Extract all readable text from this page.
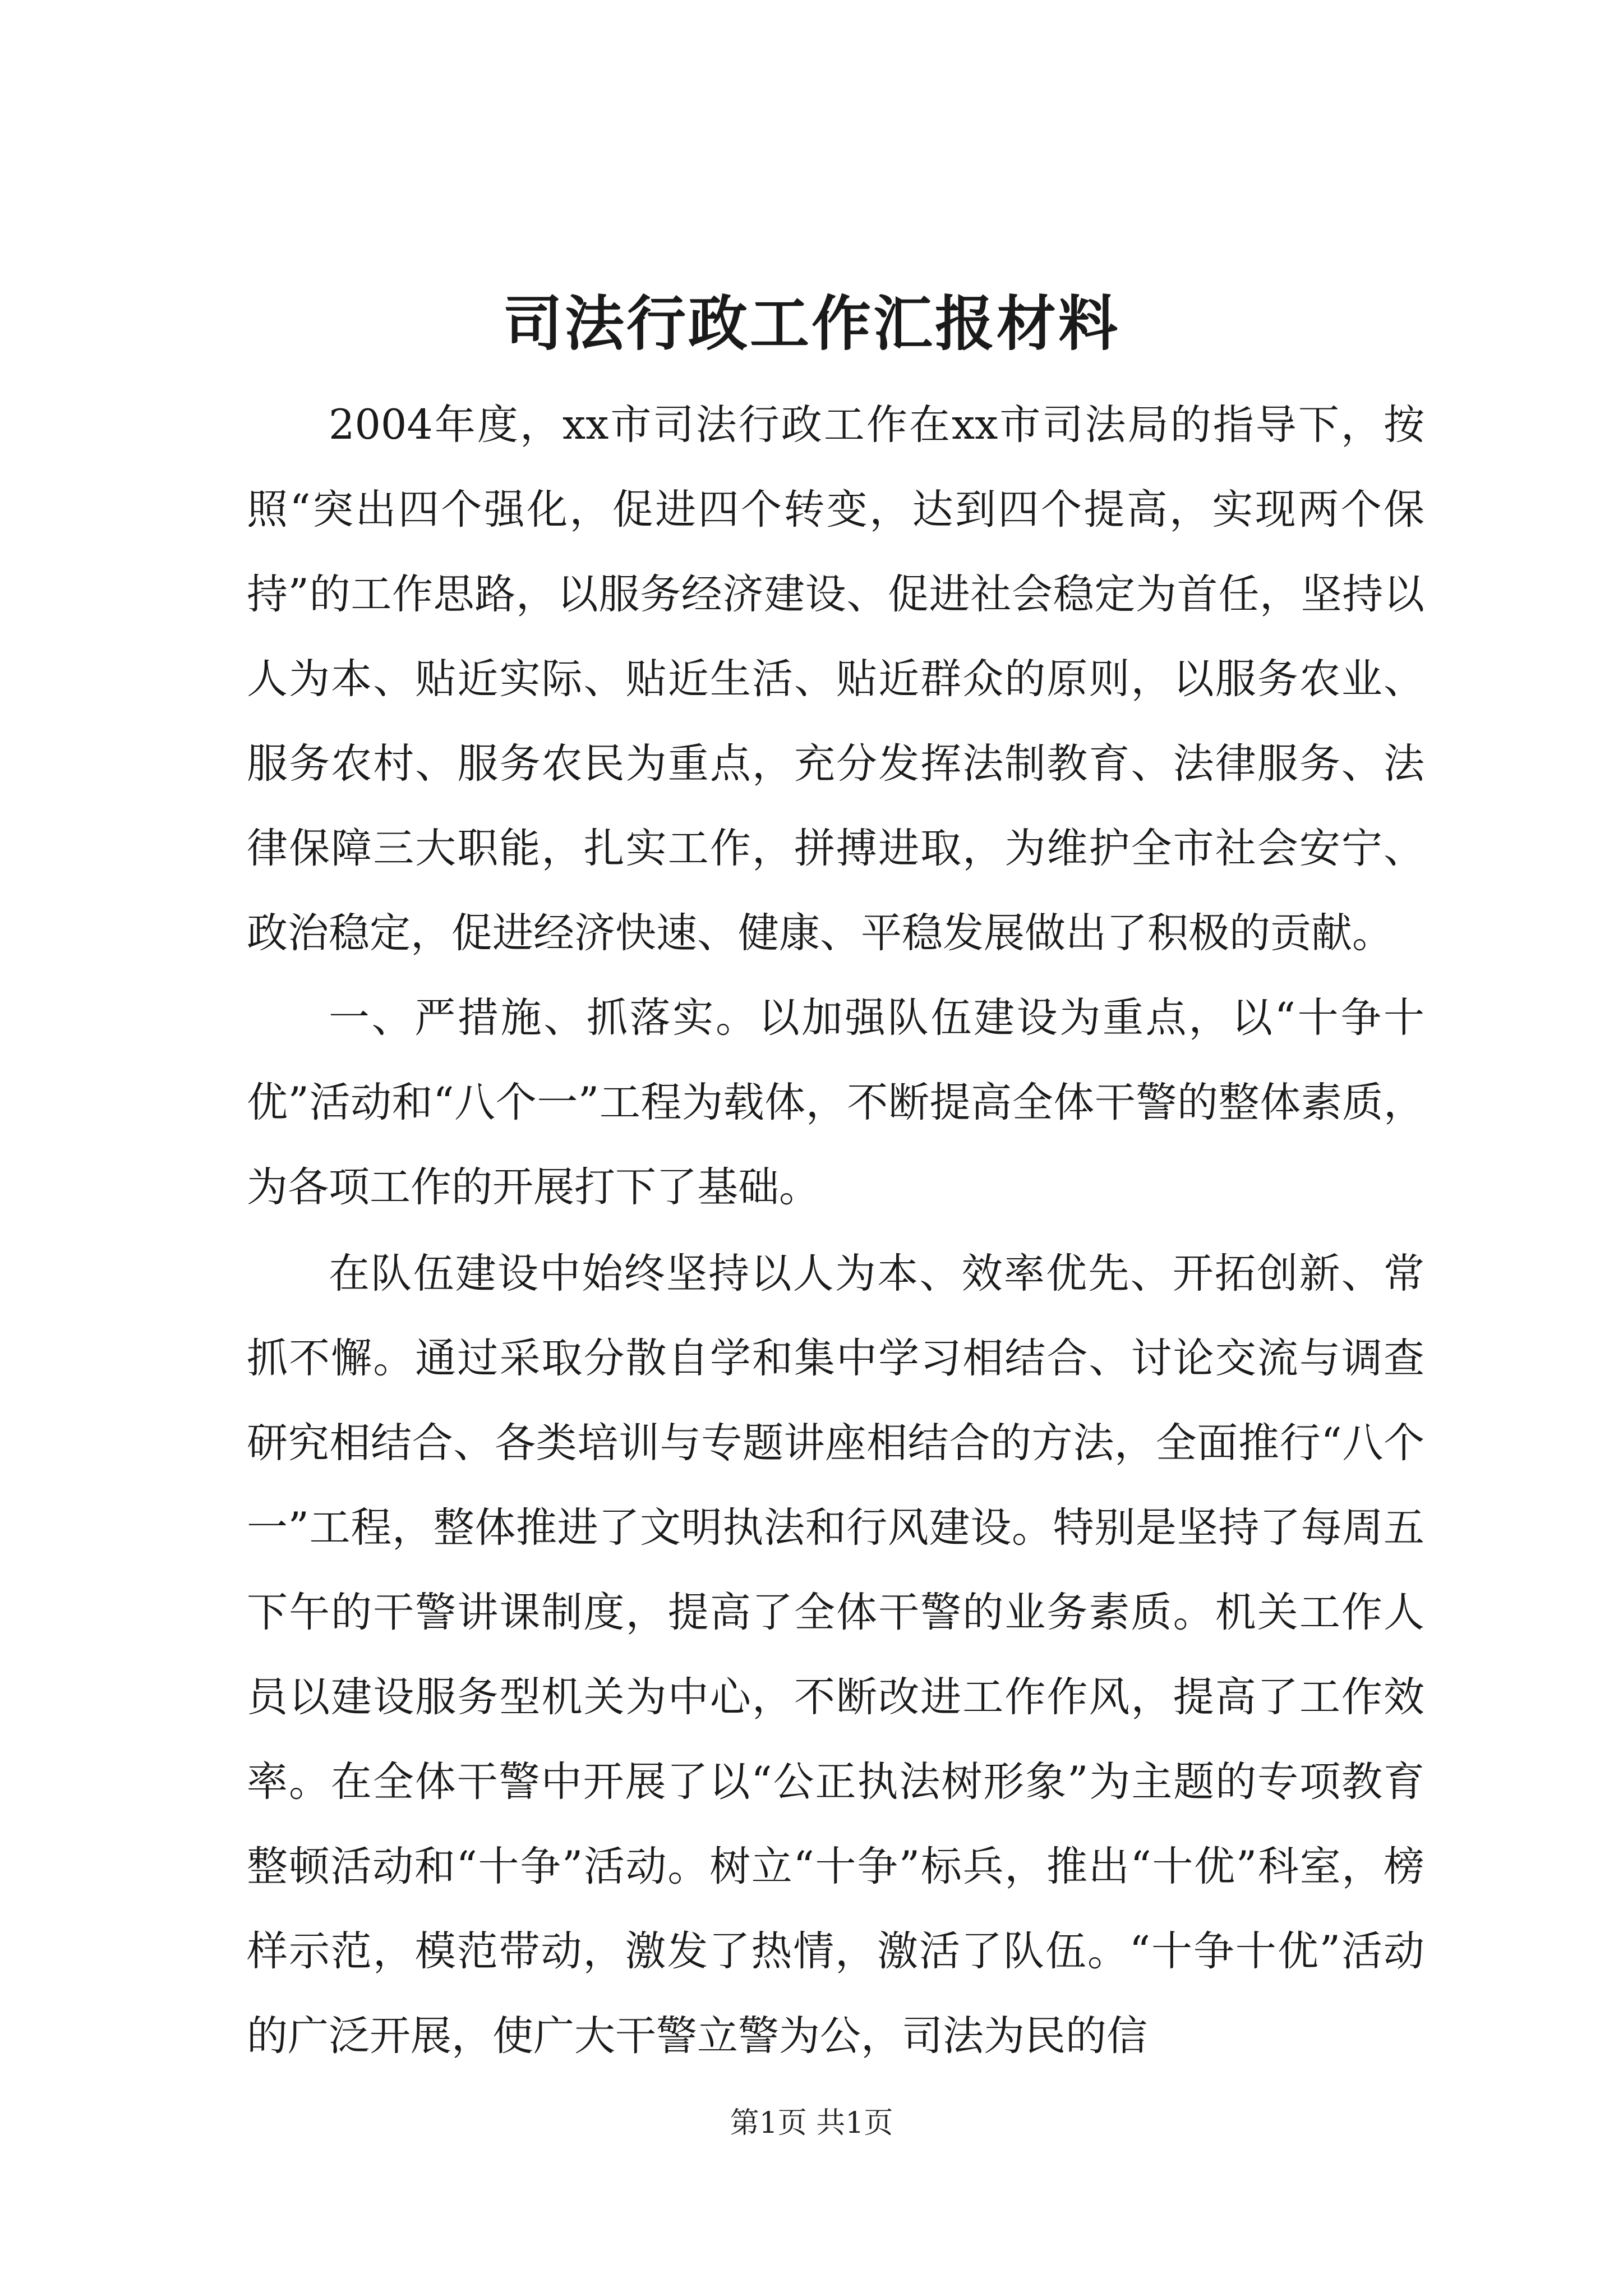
司法行政工作汇报材料

2004年度，xx市司法行政工作在xx市司法局的指导下，按照“突出四个强化，促进四个转变，达到四个提高，实现两个保持”的工作思路，以服务经济建设、促进社会稳定为首任，坚持以人为本、贴近实际、贴近生活、贴近群众的原则，以服务农业、服务农村、服务农民为重点，充分发挥法制教育、法律服务、法律保障三大职能，扎实工作，拼搏进取，为维护全市社会安宁、政治稳定，促进经济快速、健康、平稳发展做出了积极的贡献。

一、严措施、抓落实。以加强队伍建设为重点，以“十争十优”活动和“八个一”工程为载体，不断提高全体干警的整体素质，为各项工作的开展打下了基础。

在队伍建设中始终坚持以人为本、效率优先、开拓创新、常抓不懈。通过采取分散自学和集中学习相结合、讨论交流与调查研究相结合、各类培训与专题讲座相结合的方法，全面推行“八个一”工程，整体推进了文明执法和行风建设。特别是坚持了每周五下午的干警讲课制度，提高了全体干警的业务素质。机关工作人员以建设服务型机关为中心，不断改进工作作风，提高了工作效率。在全体干警中开展了以“公正执法树形象”为主题的专项教育整顿活动和“十争”活动。树立“十争”标兵，推出“十优”科室，榜样示范，模范带动，激发了热情，激活了队伍。“十争十优”活动的广泛开展，使广大干警立警为公，司法为民的信

第1页 共1页
